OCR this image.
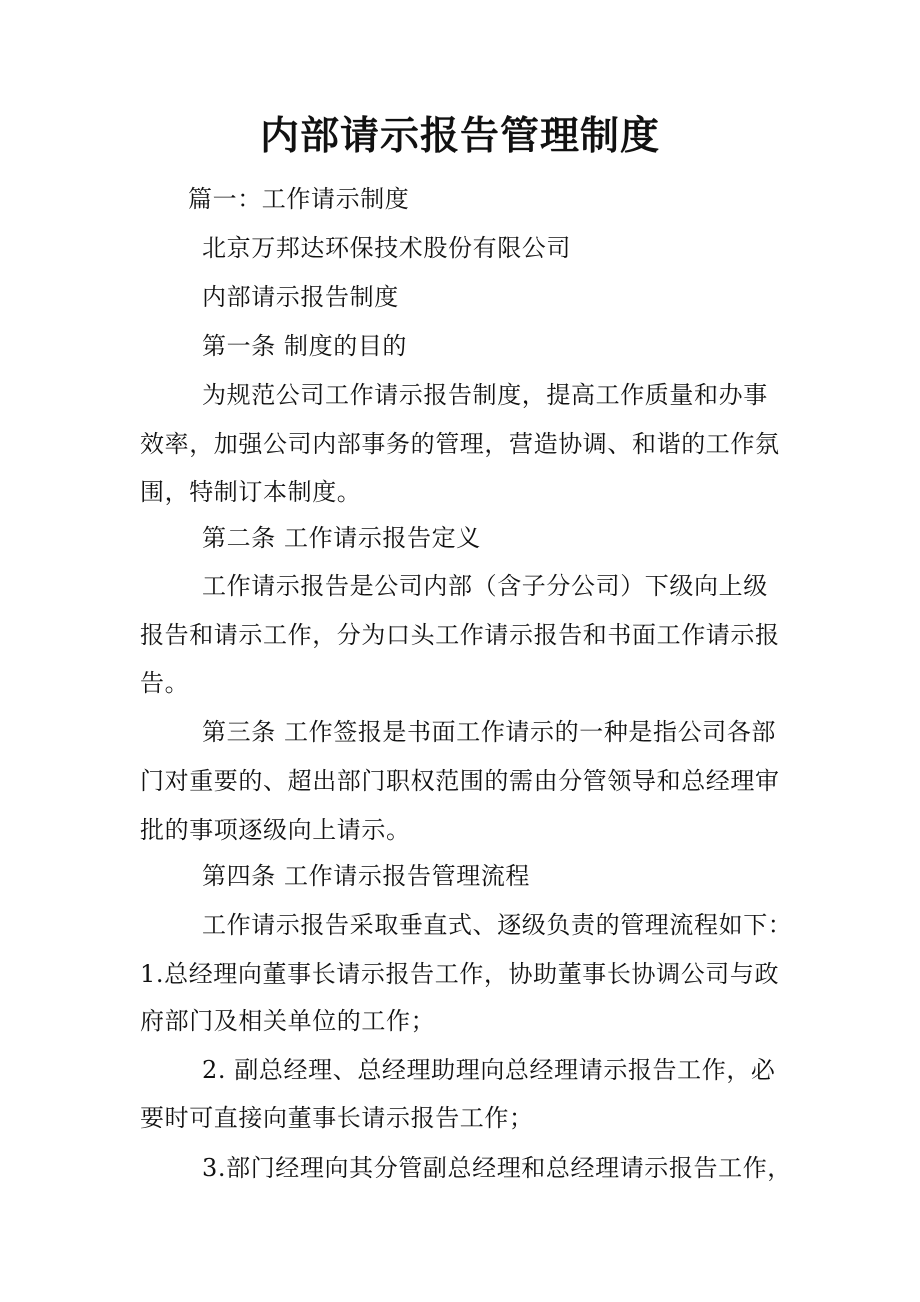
内部请示报告管理制度
篇一：工作请示制度
北京万邦达环保技术股份有限公司
内部请示报告制度
第一条 制度的目的
为规范公司工作请示报告制度，提高工作质量和办事
效率，加强公司内部事务的管理，营造协调、和谐的工作氛
围，特制订本制度。
第二条 工作请示报告定义
工作请示报告是公司内部（含子分公司）下级向上级
报告和请示工作，分为口头工作请示报告和书面工作请示报
告。
第三条 工作签报是书面工作请示的一种是指公司各部
门对重要的、超出部门职权范围的需由分管领导和总经理审
批的事项逐级向上请示。
第四条 工作请示报告管理流程
工作请示报告采取垂直式、逐级负责的管理流程如下：
1.总经理向董事长请示报告工作，协助董事长协调公司与政
府部门及相关单位的工作；
2. 副总经理、总经理助理向总经理请示报告工作，必
要时可直接向董事长请示报告工作；
3.部门经理向其分管副总经理和总经理请示报告工作，
